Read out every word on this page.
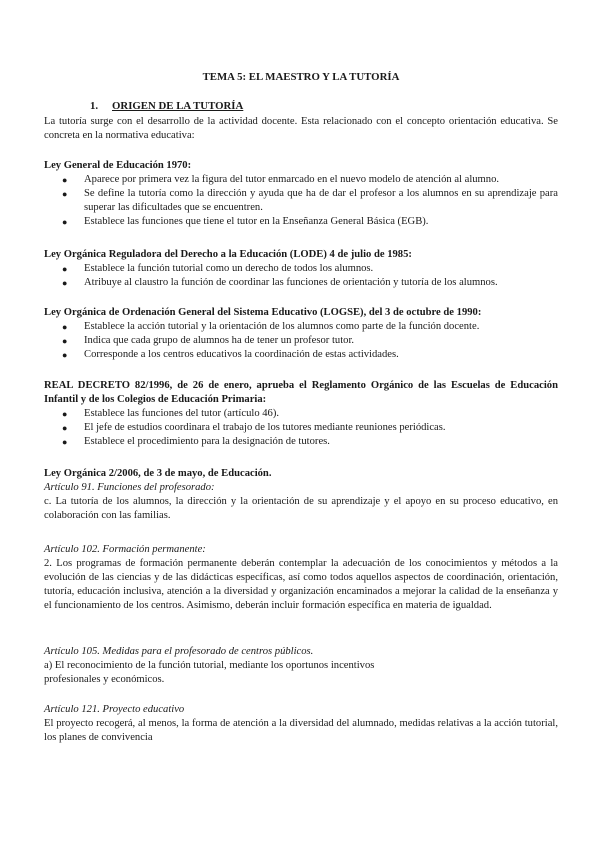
TEMA 5: EL MAESTRO Y LA TUTORÍA
1. ORIGEN DE LA TUTORÍA

La tutoría surge con el desarrollo de la actividad docente. Esta relacionado con el concepto orientación educativa. Se concreta en la normativa educativa:

Ley General de Educación 1970:

● Aparece por primera vez la figura del tutor enmarcado en el nuevo modelo de atención al alumno.
● Se define la tutoría como la dirección y ayuda que ha de dar el profesor a los alumnos en su aprendizaje para superar las dificultades que se encuentren.
● Establece las funciones que tiene el tutor en la Enseñanza General Básica (EGB).

Ley Orgánica Reguladora del Derecho a la Educación (LODE) 4 de julio de 1985:

● Establece la función tutorial como un derecho de todos los alumnos.
● Atribuye al claustro la función de coordinar las funciones de orientación y tutoría de los alumnos.

Ley Orgánica de Ordenación General del Sistema Educativo (LOGSE), del 3 de octubre de 1990:

● Establece la acción tutorial y la orientación de los alumnos como parte de la función docente.
● Indica que cada grupo de alumnos ha de tener un profesor tutor.
● Corresponde a los centros educativos la coordinación de estas actividades.

REAL DECRETO 82/1996, de 26 de enero, aprueba el Reglamento Orgánico de las Escuelas de Educación Infantil y de los Colegios de Educación Primaria:

● Establece las funciones del tutor (artículo 46).
● El jefe de estudios coordinara el trabajo de los tutores mediante reuniones periódicas.
● Establece el procedimiento para la designación de tutores.

Ley Orgánica 2/2006, de 3 de mayo, de Educación.

Artículo 91. Funciones del profesorado:

c. La tutoría de los alumnos, la dirección y la orientación de su aprendizaje y el apoyo en su proceso educativo, en colaboración con las familias.

Artículo 102. Formación permanente:

2. Los programas de formación permanente deberán contemplar la adecuación de los conocimientos y métodos a la evolución de las ciencias y de las didácticas específicas, así como todos aquellos aspectos de coordinación, orientación, tutoría, educación inclusiva, atención a la diversidad y organización encaminados a mejorar la calidad de la enseñanza y el funcionamiento de los centros. Asimismo, deberán incluir formación específica en materia de igualdad.

Artículo 105. Medidas para el profesorado de centros públicos.

a) El reconocimiento de la función tutorial, mediante los oportunos incentivos

profesionales y económicos.

Artículo 121. Proyecto educativo

El proyecto recogerá, al menos, la forma de atención a la diversidad del alumnado, medidas relativas a la acción tutorial, los planes de convivencia
